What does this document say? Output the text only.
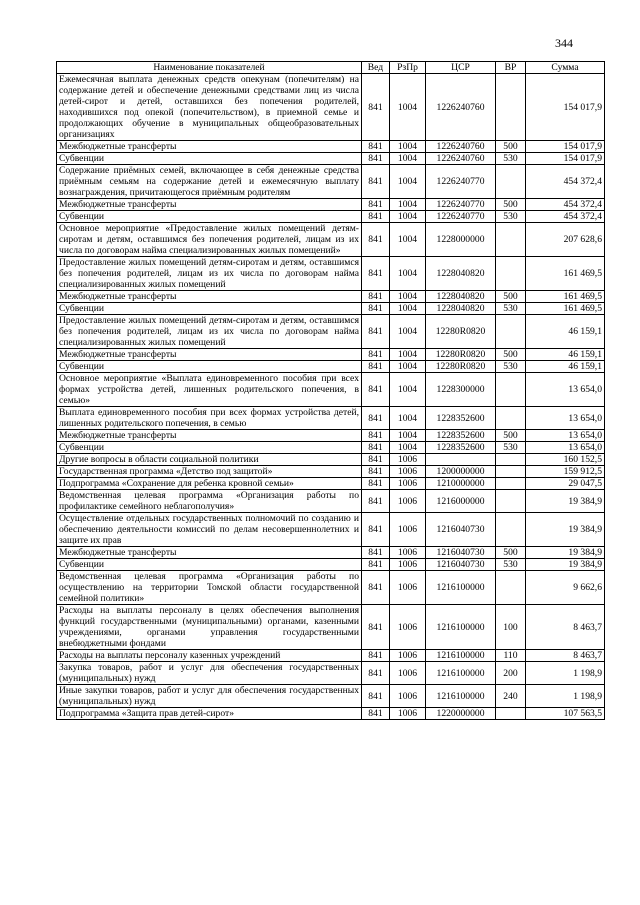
344
Наименование показателей	Вед	РзПр	ЦСР	ВР	Сумма
Ежемесячная выплата денежных средств опекунам (попечителям) на содержание детей и обеспечение денежными средствами лиц из числа детей-сирот и детей, оставшихся без попечения родителей, находившихся под опекой (попечительством), в приемной семье и продолжающих обучение в муниципальных общеобразовательных организациях	841	1004	1226240760		154 017,9
Межбюджетные трансферты	841	1004	1226240760	500	154 017,9
Субвенции	841	1004	1226240760	530	154 017,9
Содержание приёмных семей, включающее в себя денежные средства приёмным семьям на содержание детей и ежемесячную выплату вознаграждения, причитающегося приёмным родителям	841	1004	1226240770		454 372,4
Межбюджетные трансферты	841	1004	1226240770	500	454 372,4
Субвенции	841	1004	1226240770	530	454 372,4
Основное мероприятие «Предоставление жилых помещений детям-сиротам и детям, оставшимся без попечения родителей, лицам из их числа по договорам найма специализированных жилых помещений»	841	1004	1228000000		207 628,6
Предоставление жилых помещений детям-сиротам и детям, оставшимся без попечения родителей, лицам из их числа по договорам найма специализированных жилых помещений	841	1004	1228040820		161 469,5
Межбюджетные трансферты	841	1004	1228040820	500	161 469,5
Субвенции	841	1004	1228040820	530	161 469,5
Предоставление жилых помещений детям-сиротам и детям, оставшимся без попечения родителей, лицам из их числа по договорам найма специализированных жилых помещений	841	1004	12280R0820		46 159,1
Межбюджетные трансферты	841	1004	12280R0820	500	46 159,1
Субвенции	841	1004	12280R0820	530	46 159,1
Основное мероприятие «Выплата единовременного пособия при всех формах устройства детей, лишенных родительского попечения, в семью»	841	1004	1228300000		13 654,0
Выплата единовременного пособия при всех формах устройства детей, лишенных родительского попечения, в семью	841	1004	1228352600		13 654,0
Межбюджетные трансферты	841	1004	1228352600	500	13 654,0
Субвенции	841	1004	1228352600	530	13 654,0
Другие вопросы в области социальной политики	841	1006			160 152,5
Государственная программа «Детство под защитой»	841	1006	1200000000		159 912,5
Подпрограмма «Сохранение для ребенка кровной семьи»	841	1006	1210000000		29 047,5
Ведомственная целевая программа «Организация работы по профилактике семейного неблагополучия»	841	1006	1216000000		19 384,9
Осуществление отдельных государственных полномочий по созданию и обеспечению деятельности комиссий по делам несовершеннолетних и защите их прав	841	1006	1216040730		19 384,9
Межбюджетные трансферты	841	1006	1216040730	500	19 384,9
Субвенции	841	1006	1216040730	530	19 384,9
Ведомственная целевая программа «Организация работы по осуществлению на территории Томской области государственной семейной политики»	841	1006	1216100000		9 662,6
Расходы на выплаты персоналу в целях обеспечения выполнения функций государственными (муниципальными) органами, казенными учреждениями, органами управления государственными внебюджетными фондами	841	1006	1216100000	100	8 463,7
Расходы на выплаты персоналу казенных учреждений	841	1006	1216100000	110	8 463,7
Закупка товаров, работ и услуг для обеспечения государственных (муниципальных) нужд	841	1006	1216100000	200	1 198,9
Иные закупки товаров, работ и услуг для обеспечения государственных (муниципальных) нужд	841	1006	1216100000	240	1 198,9
Подпрограмма «Защита прав детей-сирот»	841	1006	1220000000		107 563,5
